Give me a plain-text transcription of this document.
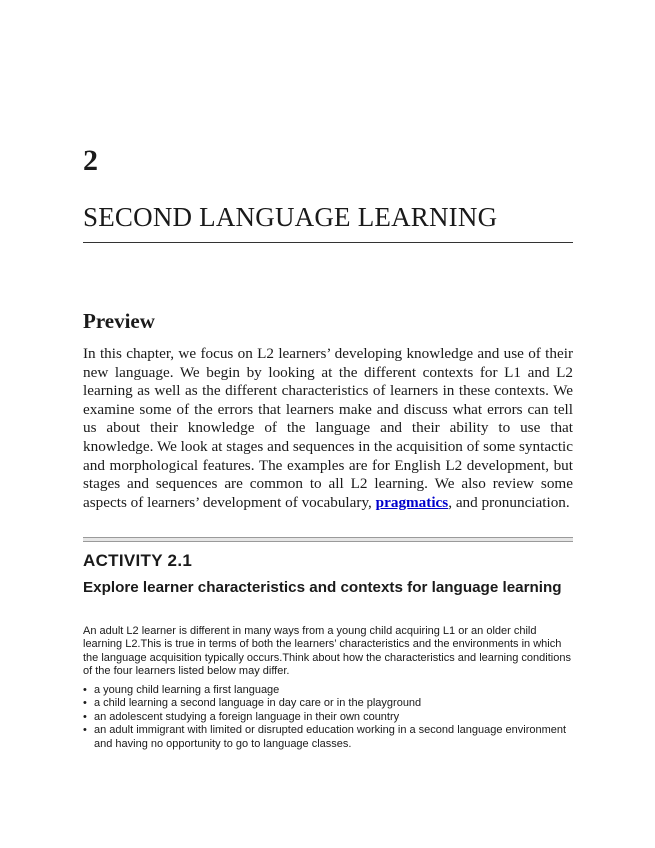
2
SECOND LANGUAGE LEARNING
Preview

In this chapter, we focus on L2 learners’ developing knowledge and use of their new language. We begin by looking at the different contexts for L1 and L2 learning as well as the different characteristics of learners in these contexts. We examine some of the errors that learners make and discuss what errors can tell us about their knowledge of the language and their ability to use that knowledge. We look at stages and sequences in the acquisition of some syntactic and morphological features. The examples are for English L2 development, but stages and sequences are common to all L2 learning. We also review some aspects of learners’ development of vocabulary, pragmatics, and pronunciation.

ACTIVITY 2.1

Explore learner characteristics and contexts for language learning

An adult L2 learner is different in many ways from a young child acquiring L1 or an older child learning L2.This is true in terms of both the learners’ characteristics and the environments in which the language acquisition typically occurs.Think about how the characteristics and learning conditions of the four learners listed below may differ.

• a young child learning a first language
• a child learning a second language in day care or in the playground
• an adolescent studying a foreign language in their own country
• an adult immigrant with limited or disrupted education working in a second language environment and having no opportunity to go to language classes.
